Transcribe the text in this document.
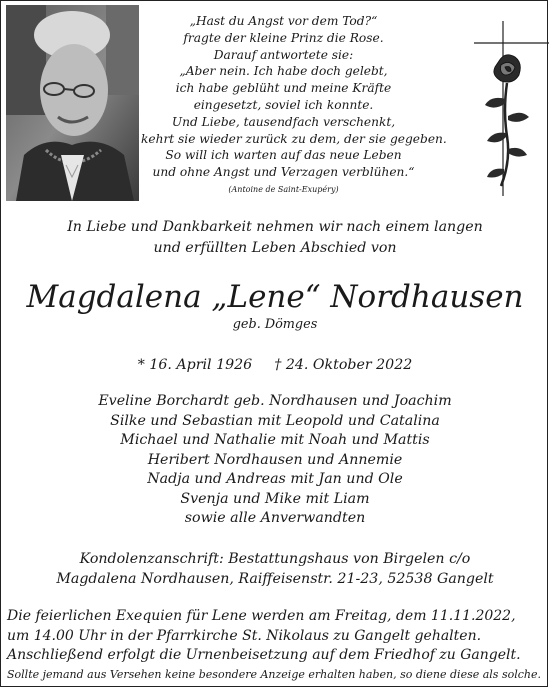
„Hast du Angst vor dem Tod?“
fragte der kleine Prinz die Rose.
Darauf antwortete sie:
„Aber nein. Ich habe doch gelebt,
ich habe geblüht und meine Kräfte
eingesetzt, soviel ich konnte.
Und Liebe, tausendfach verschenkt,
kehrt sie wieder zurück zu dem, der sie gegeben.
So will ich warten auf das neue Leben
und ohne Angst und Verzagen verblühen.“
(Antoine de Saint-Exupéry)
In Liebe und Dankbarkeit nehmen wir nach einem langen
und erfüllten Leben Abschied von
Magdalena „Lene“ Nordhausen
geb. Dömges
* 16. April 1926 † 24. Oktober 2022
Eveline Borchardt geb. Nordhausen und Joachim
Silke und Sebastian mit Leopold und Catalina
Michael und Nathalie mit Noah und Mattis
Heribert Nordhausen und Annemie
Nadja und Andreas mit Jan und Ole
Svenja und Mike mit Liam
sowie alle Anverwandten
Kondolenzanschrift: Bestattungshaus von Birgelen c/o
Magdalena Nordhausen, Raiffeisenstr. 21-23, 52538 Gangelt
Die feierlichen Exequien für Lene werden am Freitag, dem 11.11.2022,
um 14.00 Uhr in der Pfarrkirche St. Nikolaus zu Gangelt gehalten.
Anschließend erfolgt die Urnenbeisetzung auf dem Friedhof zu Gangelt.
Sollte jemand aus Versehen keine besondere Anzeige erhalten haben, so diene diese als solche.
